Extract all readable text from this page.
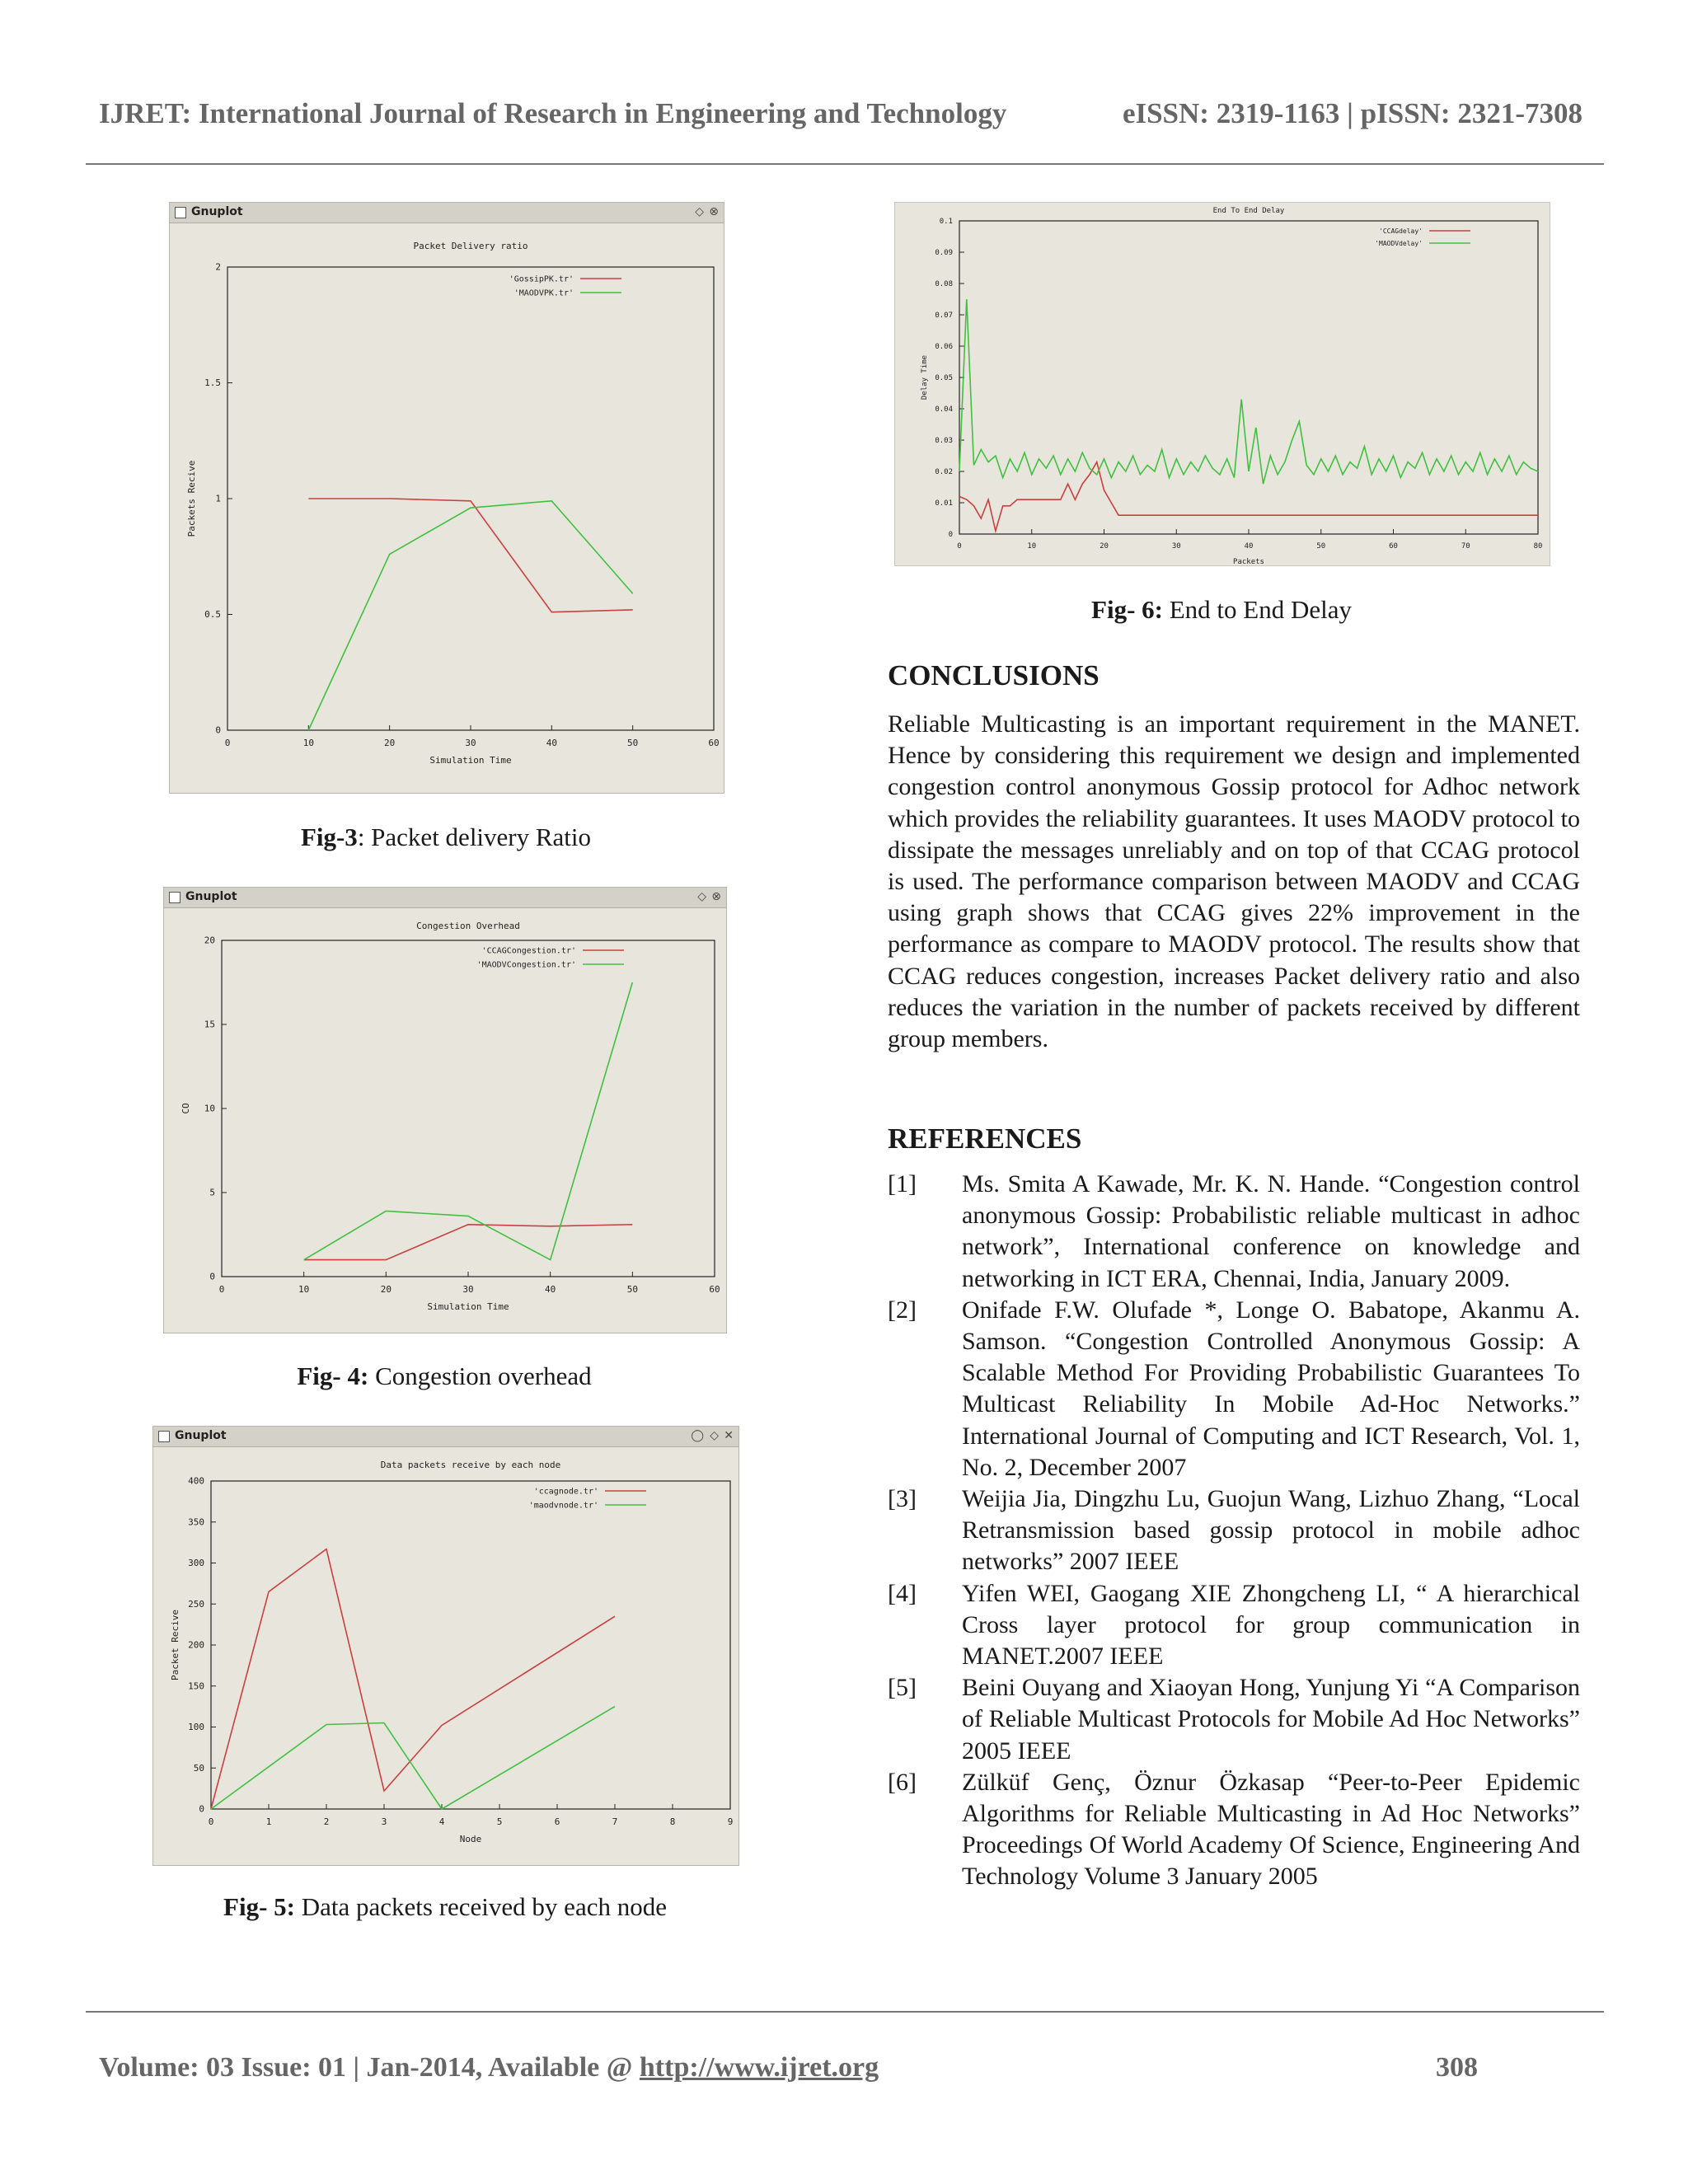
IJRET: International Journal of Research in Engineering and Technology	eISSN: 2319-1163 | pISSN: 2321-7308
Gnuplot	◇ ⊗
Packet Delivery ratio
0	10	20	30	40	50	60
0
0.5
1
1.5
2
Simulation Time
Packets Recive
'GossipPK.tr'
'MAODVPK.tr'
Fig-3: Packet delivery Ratio
Gnuplot	◇ ⊗
Congestion Overhead
0	10	20	30	40	50	60
0
5
10
15
20
Simulation Time
CO
'CCAGCongestion.tr'
'MAODVCongestion.tr'
Fig- 4: Congestion overhead
Gnuplot	◯ ◇ ✕
Data packets receive by each node
0	1	2	3	4	5	6	7	8	9
0
50
100
150
200
250
300
350
400
Node
Packet Recive
'ccagnode.tr'
'maodvnode.tr'
Fig- 5: Data packets received by each node
End To End Delay
0	10	20	30	40	50	60	70	80
0
0.01
0.02
0.03
0.04
0.05
0.06
0.07
0.08
0.09
0.1
Packets
Delay Time
'CCAGdelay'
'MAODVdelay'
Fig- 6: End to End Delay
CONCLUSIONS
Reliable Multicasting is an important requirement in the MANET. Hence by considering this requirement we design and implemented congestion control anonymous Gossip protocol for Adhoc network which provides the reliability guarantees. It uses MAODV protocol to dissipate the messages unreliably and on top of that CCAG protocol is used. The performance comparison between MAODV and CCAG using graph shows that CCAG gives 22% improvement in the performance as compare to MAODV protocol. The results show that CCAG reduces congestion, increases Packet delivery ratio and also reduces the variation in the number of packets received by different group members.
REFERENCES
[1] Ms. Smita A Kawade, Mr. K. N. Hande. “Congestion control anonymous Gossip: Probabilistic reliable multicast in adhoc network”, International conference on knowledge and networking in ICT ERA, Chennai, India, January 2009.
[2] Onifade F.W. Olufade *, Longe O. Babatope, Akanmu A. Samson. “Congestion Controlled Anonymous Gossip: A Scalable Method For Providing Probabilistic Guarantees To Multicast Reliability In Mobile Ad-Hoc Networks.” International Journal of Computing and ICT Research, Vol. 1, No. 2, December 2007
[3] Weijia Jia, Dingzhu Lu, Guojun Wang, Lizhuo Zhang, “Local Retransmission based gossip protocol in mobile adhoc networks” 2007 IEEE
[4] Yifen WEI, Gaogang XIE Zhongcheng LI, “ A hierarchical Cross layer protocol for group communication in MANET.2007 IEEE
[5] Beini Ouyang and Xiaoyan Hong, Yunjung Yi “A Comparison of Reliable Multicast Protocols for Mobile Ad Hoc Networks” 2005 IEEE
[6] Zülküf Genç, Öznur Özkasap “Peer-to-Peer Epidemic Algorithms for Reliable Multicasting in Ad Hoc Networks” Proceedings Of World Academy Of Science, Engineering And Technology Volume 3 January 2005
Volume: 03 Issue: 01 | Jan-2014, Available @ http://www.ijret.org	308
